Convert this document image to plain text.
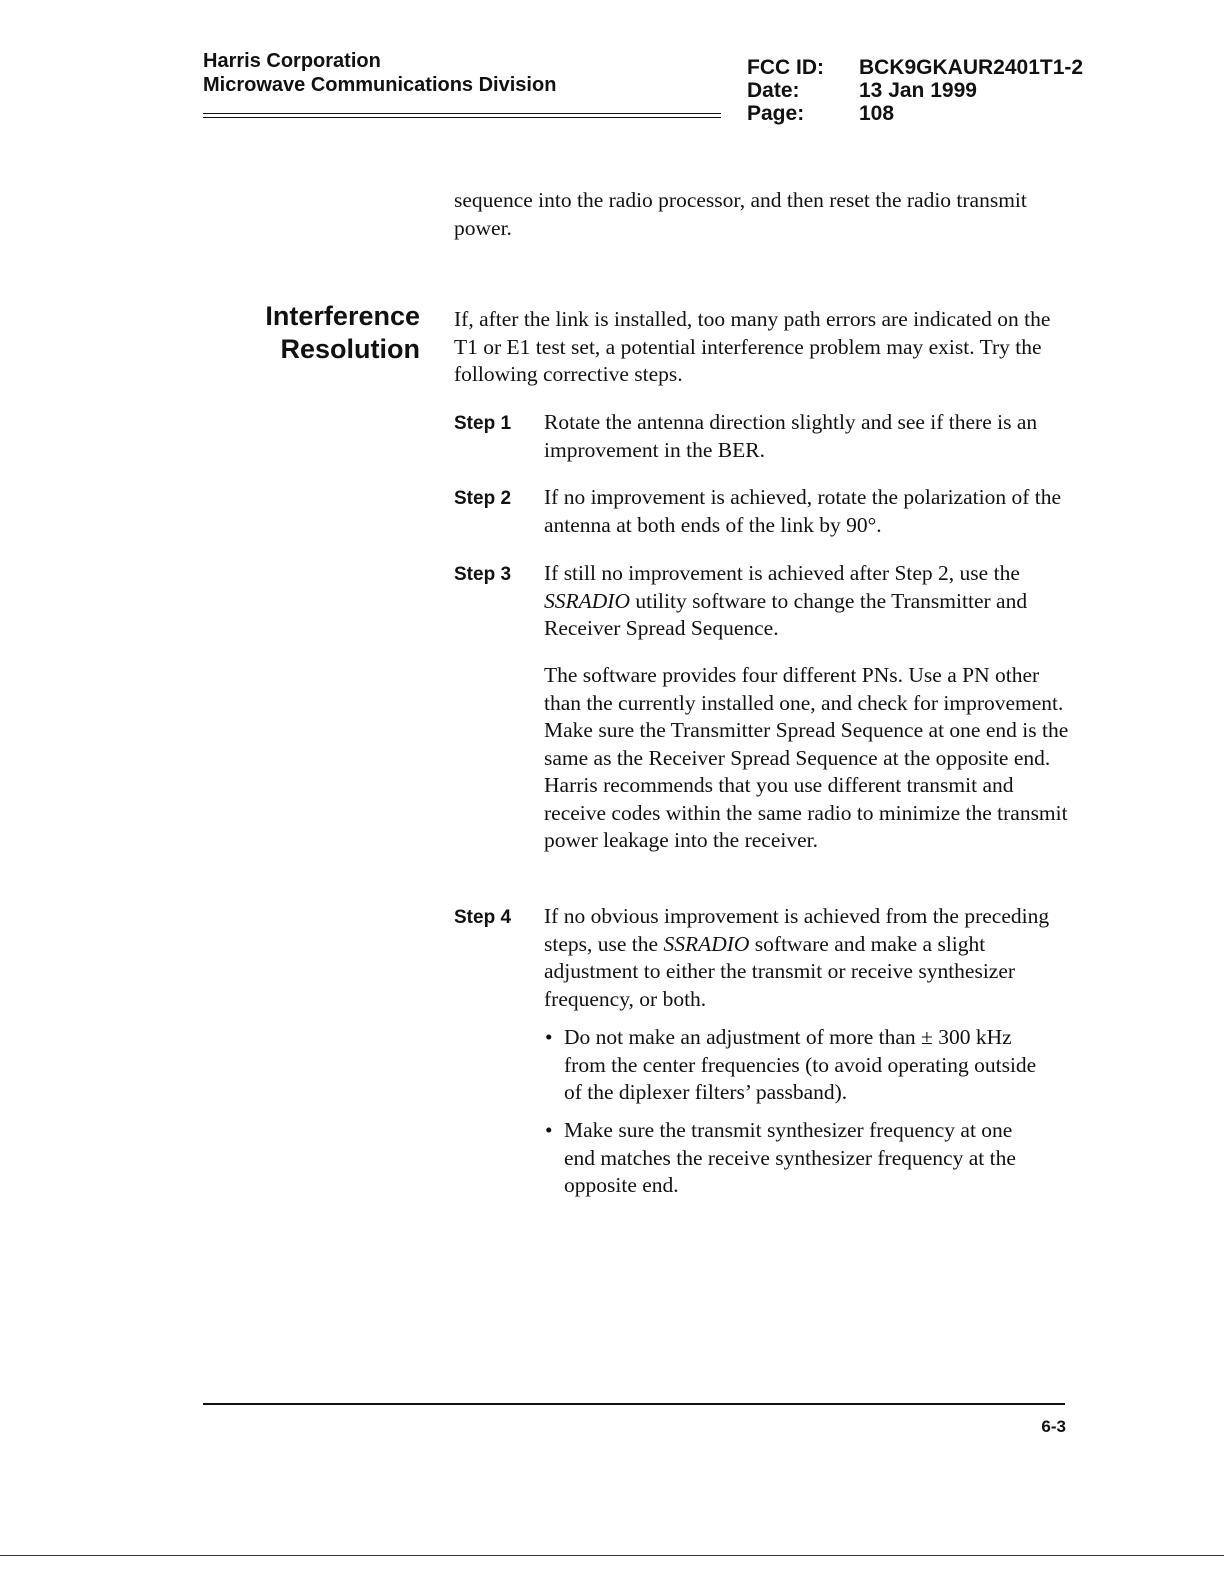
Harris Corporation
Microwave Communications Division
FCC ID:	BCK9GKAUR2401T1-2
Date:	13 Jan 1999
Page:	108
sequence into the radio processor, and then reset the radio transmit power.
Interference
Resolution
If, after the link is installed, too many path errors are indicated on the T1 or E1 test set, a potential interference problem may exist. Try the following corrective steps.
Step 1 Rotate the antenna direction slightly and see if there is an improvement in the BER.
Step 2 If no improvement is achieved, rotate the polarization of the antenna at both ends of the link by 90°.
Step 3 If still no improvement is achieved after Step 2, use the SSRADIO utility software to change the Transmitter and Receiver Spread Sequence.
The software provides four different PNs. Use a PN other than the currently installed one, and check for improvement. Make sure the Transmitter Spread Sequence at one end is the same as the Receiver Spread Sequence at the opposite end. Harris recommends that you use different transmit and receive codes within the same radio to minimize the transmit power leakage into the receiver.
Step 4 If no obvious improvement is achieved from the preceding steps, use the SSRADIO software and make a slight adjustment to either the transmit or receive synthesizer frequency, or both.
• Do not make an adjustment of more than ± 300 kHz from the center frequencies (to avoid operating outside of the diplexer filters’ passband).
• Make sure the transmit synthesizer frequency at one end matches the receive synthesizer frequency at the opposite end.
6-3
